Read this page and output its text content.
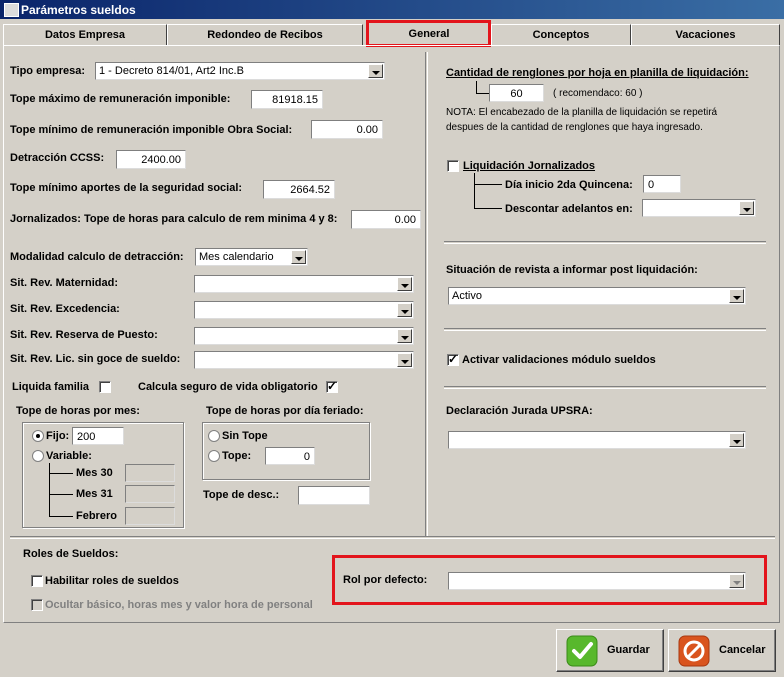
Parámetros sueldos
Datos Empresa	Redondeo de Recibos	General	Conceptos	Vacaciones
Tipo empresa: 1 - Decreto 814/01, Art2 Inc.B
Tope máximo de remuneración imponible:	81918.15
Tope mínimo de remuneración imponible Obra Social:	0.00
Detracción CCSS:	2400.00
Tope mínimo aportes de la seguridad social:	2664.52
Jornalizados: Tope de horas para calculo de rem minima 4 y 8:	0.00
Modalidad calculo de detracción: Mes calendario
Sit. Rev. Maternidad:
Sit. Rev. Excedencia:
Sit. Rev. Reserva de Puesto:
Sit. Rev. Lic. sin goce de sueldo:
Liquida familia	Calcula seguro de vida obligatorio
✓
Tope de horas por mes:
Fijo: 200
Variable:
Mes 30
Mes 31
Febrero
Tope de horas por día feriado:
Sin Tope
Tope:	0
Tope de desc.:
Cantidad de renglones por hoja en planilla de liquidación:
60	( recomendaco: 60 )
NOTA: El encabezado de la planilla de liquidación se repetirá
despues de la cantidad de renglones que haya ingresado.
Liquidación Jornalizados
Día inicio 2da Quincena:	0
Descontar adelantos en:
Situación de revista a informar post liquidación:
Activo
✓
Activar validaciones módulo sueldos
Declaración Jurada UPSRA:
Roles de Sueldos:
Habilitar roles de sueldos
Ocultar básico, horas mes y valor hora de personal
Rol por defecto:
Guardar	Cancelar
